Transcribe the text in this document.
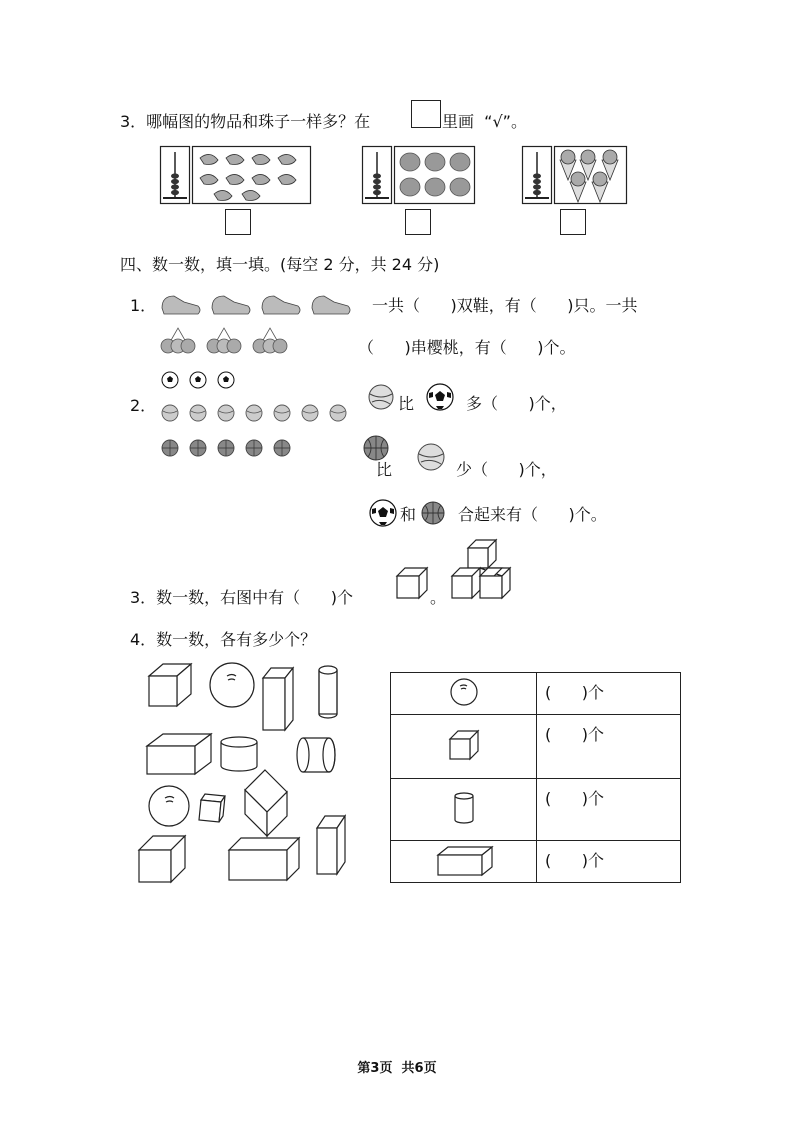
3．哪幅图的物品和珠子一样多？在	里画  “√”。
四、数一数，填一填。(每空 2 分，共 24 分)
1．	一共（      )双鞋，有（      )只。一共
（      )串樱桃，有（      )个。
2．	比	多（      )个，
比	少（      )个，
和	合起来有（      )个。
3．数一数，右图中有（      )个	。
4．数一数，各有多少个？

(      )个

(      )个

(      )个

(      )个
第3页  共6页
